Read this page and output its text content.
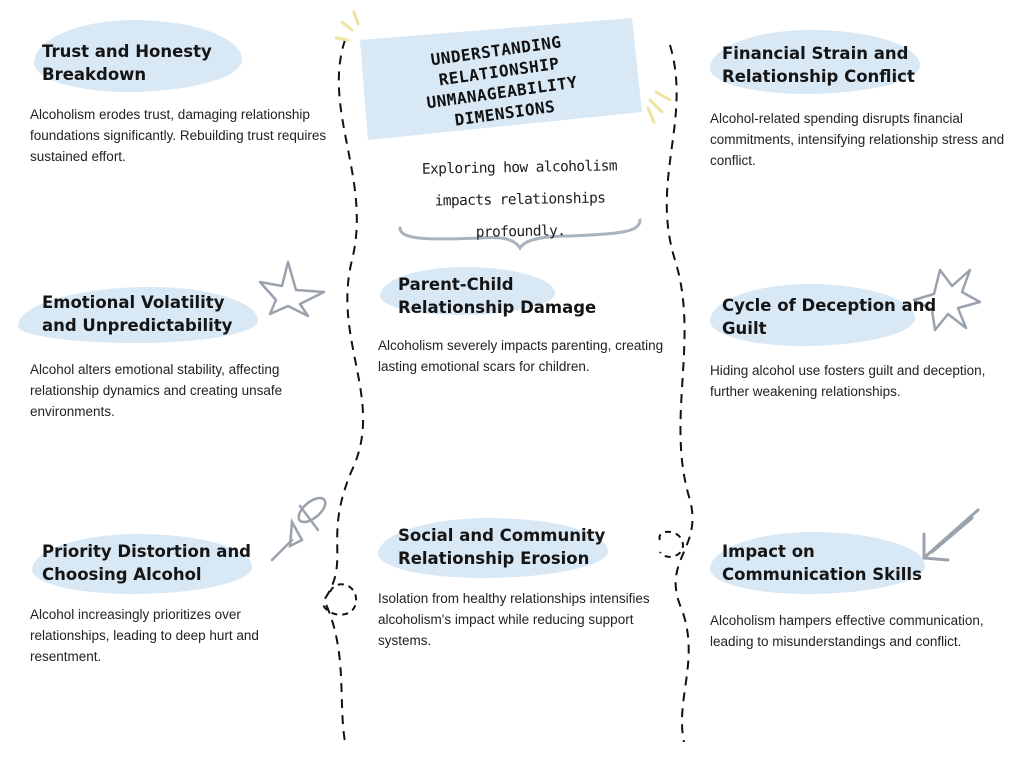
UNDERSTANDING RELATIONSHIP UNMANAGEABILITY DIMENSIONS
Exploring how alcoholism impacts relationships profoundly.
Trust and Honesty Breakdown

Alcoholism erodes trust, damaging relationship foundations significantly. Rebuilding trust requires sustained effort.

Emotional Volatility and Unpredictability

Alcohol alters emotional stability, affecting relationship dynamics and creating unsafe environments.

Priority Distortion and Choosing Alcohol

Alcohol increasingly prioritizes over relationships, leading to deep hurt and resentment.

Parent-Child Relationship Damage

Alcoholism severely impacts parenting, creating lasting emotional scars for children.

Social and Community Relationship Erosion

Isolation from healthy relationships intensifies alcoholism's impact while reducing support systems.

Financial Strain and Relationship Conflict

Alcohol-related spending disrupts financial commitments, intensifying relationship stress and conflict.

Cycle of Deception and Guilt

Hiding alcohol use fosters guilt and deception, further weakening relationships.

Impact on Communication Skills

Alcoholism hampers effective communication, leading to misunderstandings and conflict.
